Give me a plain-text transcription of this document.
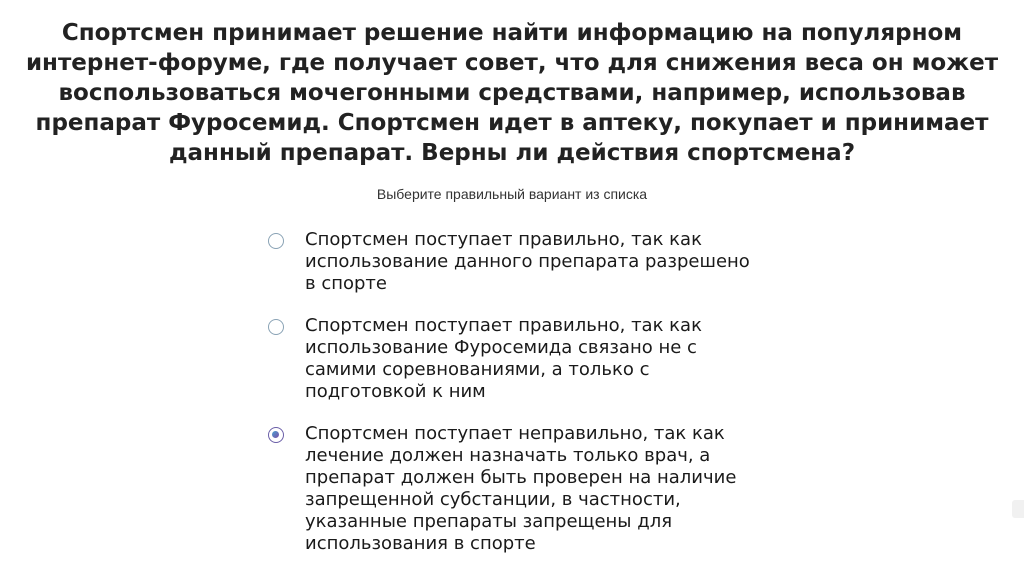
Спортсмен принимает решение найти информацию на популярном интернет-форуме, где получает совет, что для снижения веса он может воспользоваться мочегонными средствами, например, использовав препарат Фуросемид. Спортсмен идет в аптеку, покупает и принимает данный препарат. Верны ли действия спортсмена?
Выберите правильный вариант из списка
Спортсмен поступает правильно, так как использование данного препарата разрешено в спорте
Спортсмен поступает правильно, так как использование Фуросемида связано не с самими соревнованиями, а только с подготовкой к ним
Спортсмен поступает неправильно, так как лечение должен назначать только врач, а препарат должен быть проверен на наличие запрещенной субстанции, в частности, указанные препараты запрещены для использования в спорте
